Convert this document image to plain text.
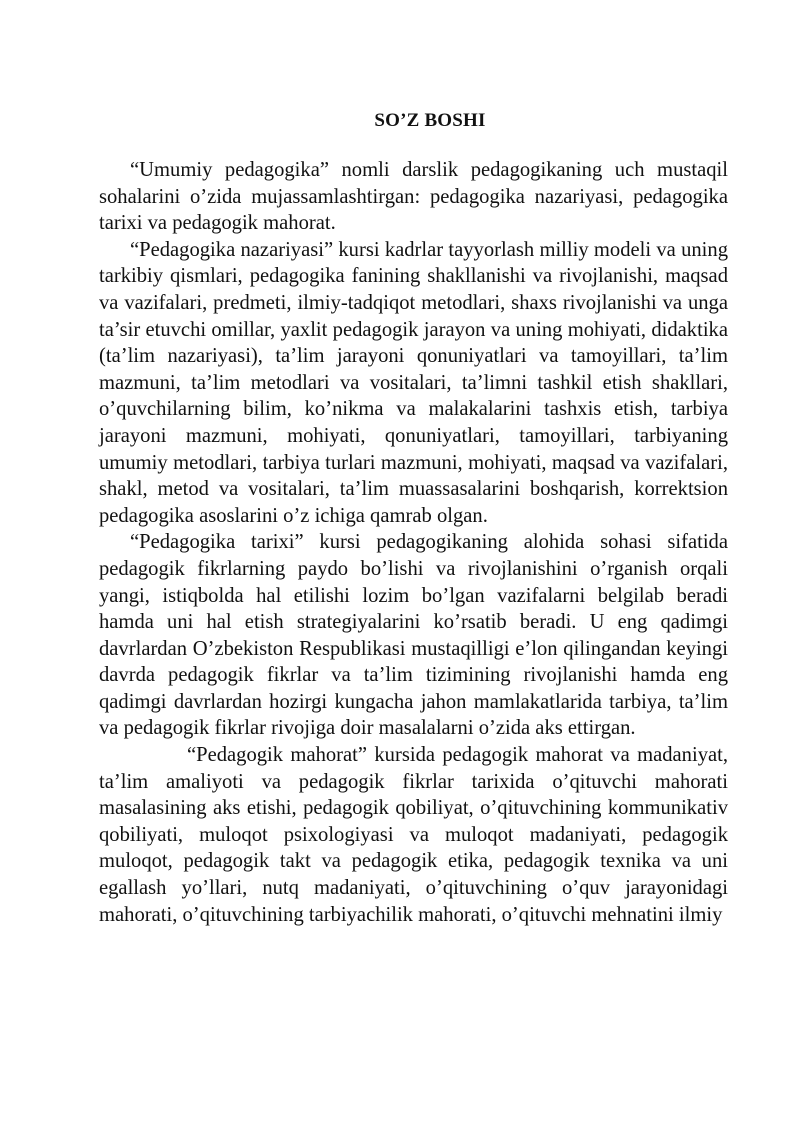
SO’Z BOSHI

“Umumiy pedagogika” nomli darslik pedagogikaning uch mustaqil sohalarini o’zida mujassamlashtirgan: pedagogika nazariyasi, pedagogika tarixi va pedagogik mahorat.

“Pedagogika nazariyasi” kursi kadrlar tayyorlash milliy modeli va uning tarkibiy qismlari, pedagogika fanining shakllanishi va rivojlanishi, maqsad va vazifalari, predmeti, ilmiy-tadqiqot metodlari, shaxs rivojlanishi va unga ta’sir etuvchi omillar, yaxlit pedagogik jarayon va uning mohiyati, didaktika (ta’lim nazariyasi), ta’lim jarayoni qonuniyatlari va tamoyillari, ta’lim mazmuni, ta’lim metodlari va vositalari, ta’limni tashkil etish shakllari, o’quvchilarning bilim, ko’nikma va malakalarini tashxis etish, tarbiya jarayoni mazmuni, mohiyati, qonuniyatlari, tamoyillari, tarbiyaning umumiy metodlari, tarbiya turlari mazmuni, mohiyati, maqsad va vazifalari, shakl, metod va vositalari, ta’lim muassasalarini boshqarish, korrektsion pedagogika asoslarini o’z ichiga qamrab olgan.

“Pedagogika tarixi” kursi pedagogikaning alohida sohasi sifatida pedagogik fikrlarning paydo bo’lishi va rivojlanishini o’rganish orqali yangi, istiqbolda hal etilishi lozim bo’lgan vazifalarni belgilab beradi hamda uni hal etish strategiyalarini ko’rsatib beradi. U eng qadimgi davrlardan O’zbekiston Respublikasi mustaqilligi e’lon qilingandan keyingi davrda pedagogik fikrlar va ta’lim tizimining rivojlanishi hamda eng qadimgi davrlardan hozirgi kungacha jahon mamlakatlarida tarbiya, ta’lim va pedagogik fikrlar rivojiga doir masalalarni o’zida aks ettirgan.

“Pedagogik mahorat” kursida pedagogik mahorat va madaniyat, ta’lim amaliyoti va pedagogik fikrlar tarixida o’qituvchi mahorati masalasining aks etishi, pedagogik qobiliyat, o’qituvchining kommunikativ qobiliyati, muloqot psixologiyasi va muloqot madaniyati, pedagogik muloqot, pedagogik takt va pedagogik etika, pedagogik texnika va uni egallash yo’llari, nutq madaniyati, o’qituvchining o’quv jarayonidagi mahorati, o’qituvchining tarbiyachilik mahorati, o’qituvchi mehnatini ilmiy
